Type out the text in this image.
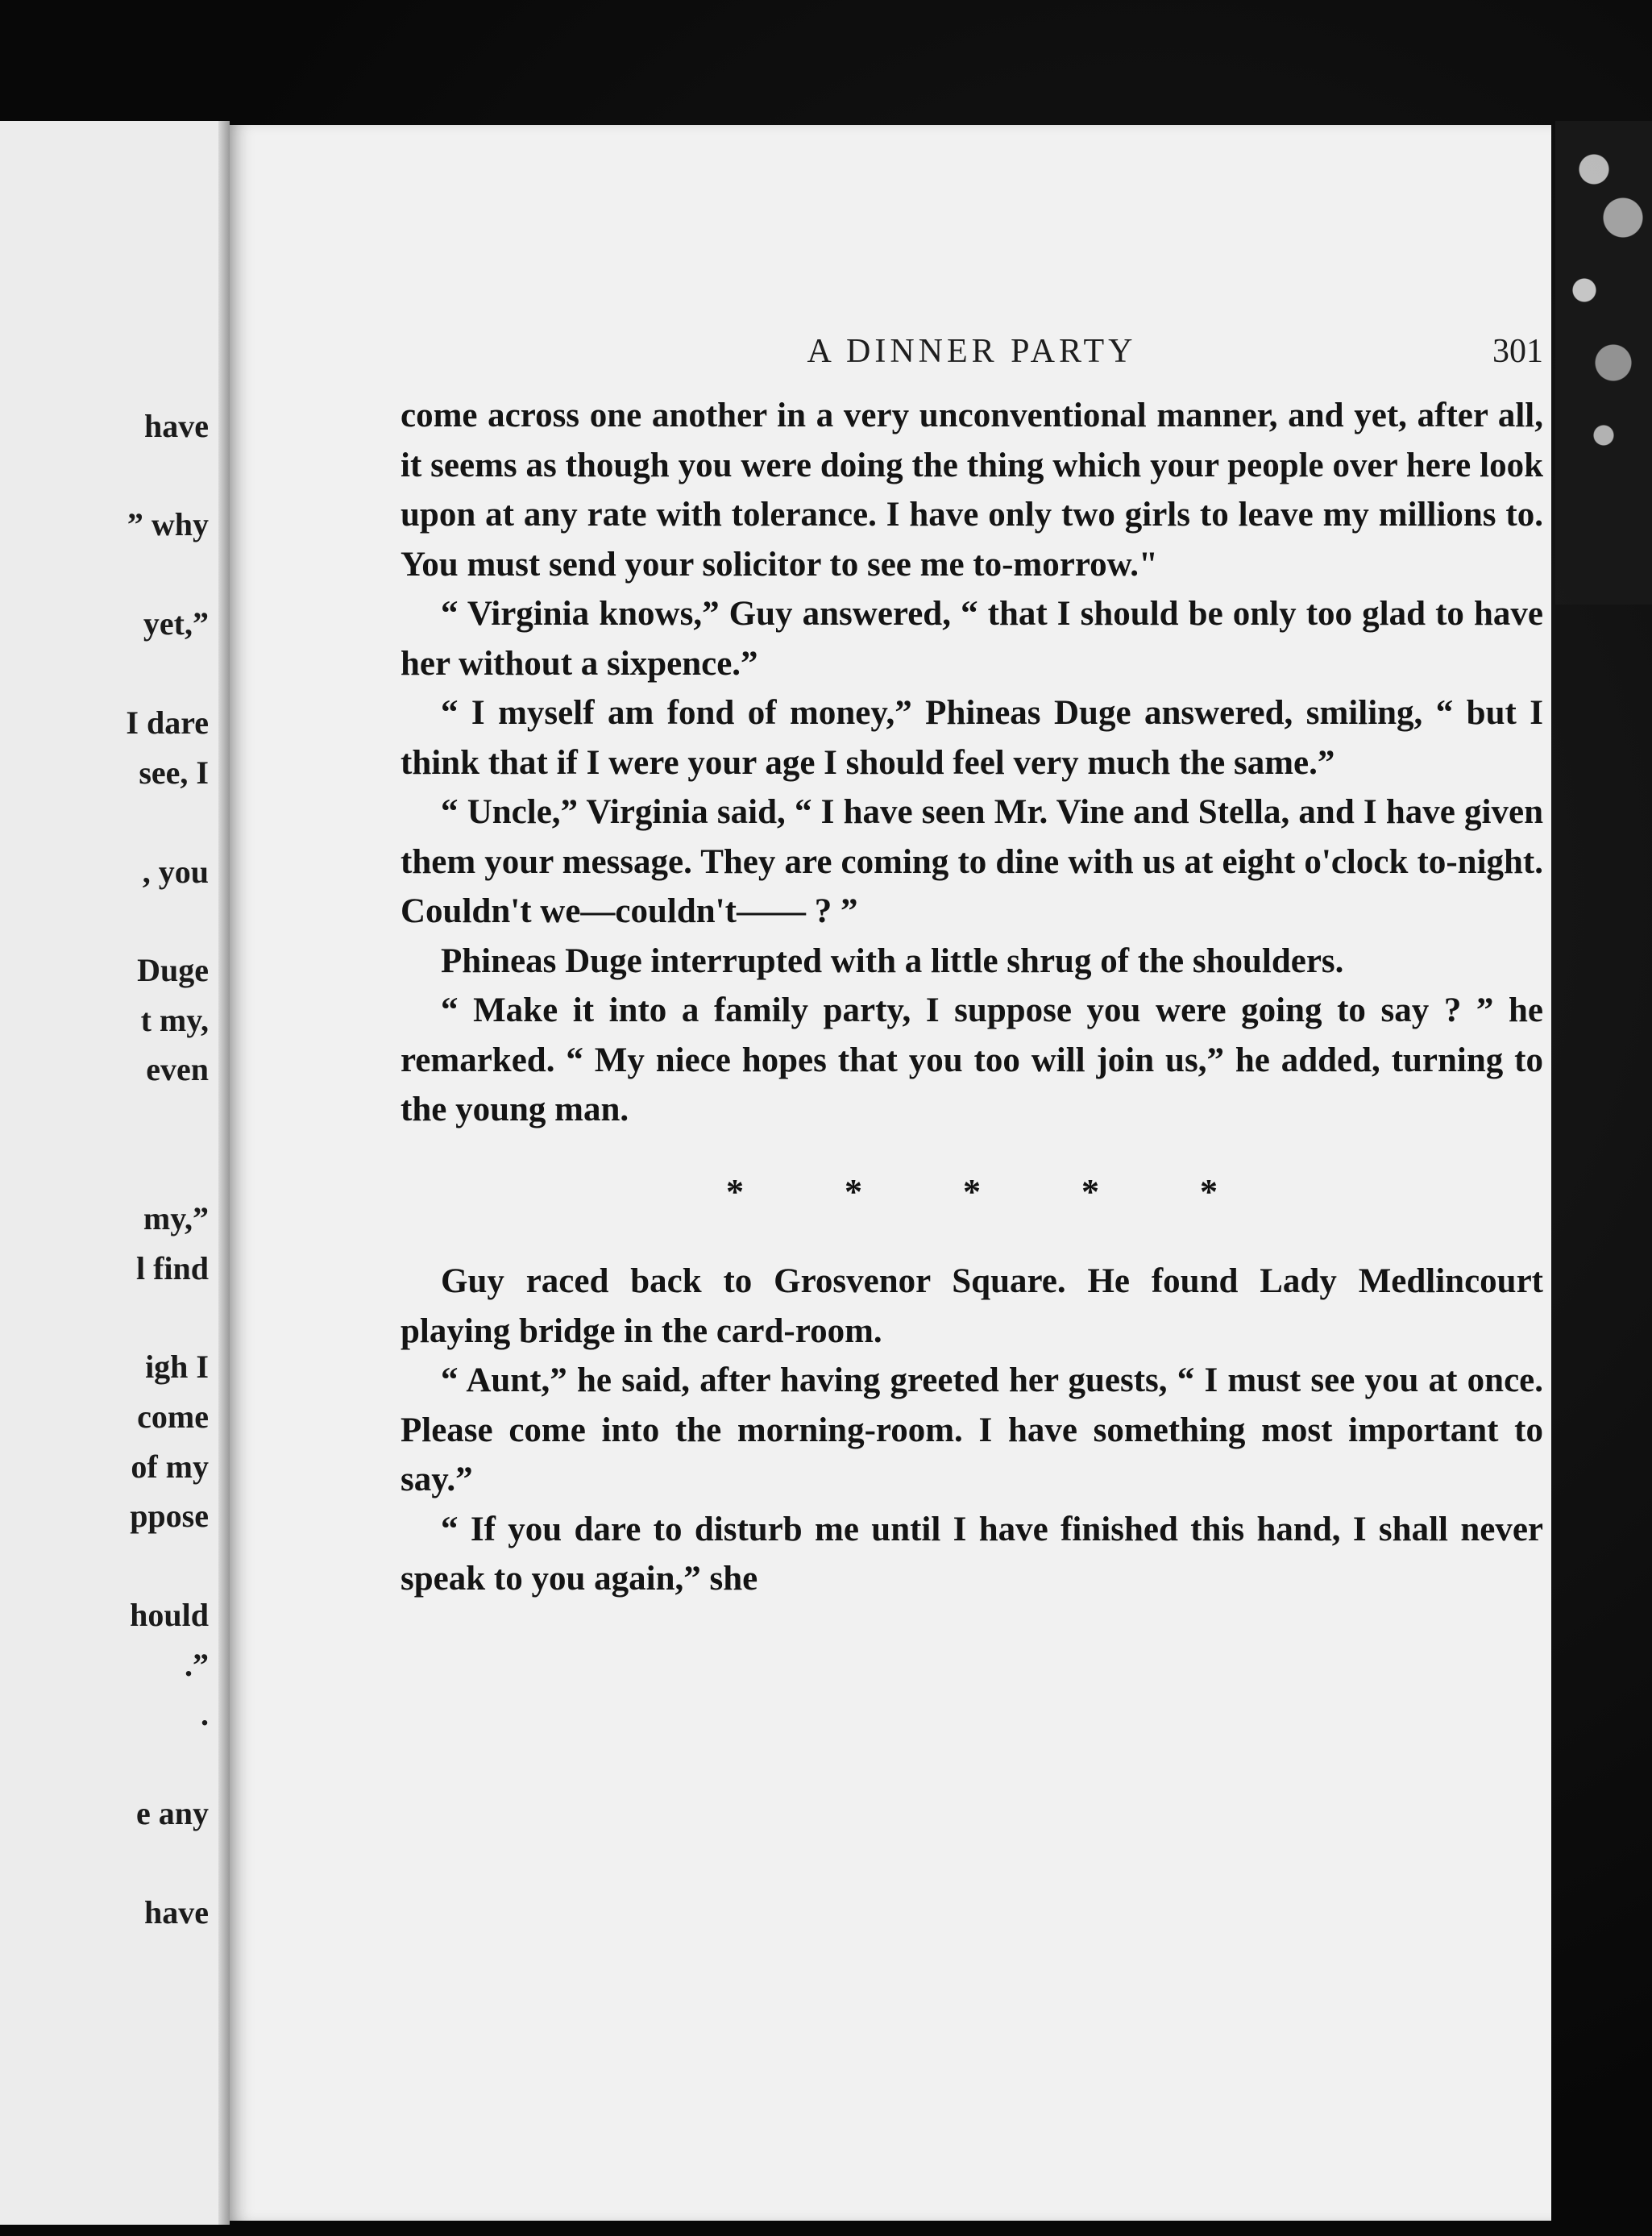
have
” why
yet,”
I dare
see, I
, you
Duge
t my,
even
my,”
l find
igh I
come
of my
ppose
hould
.”
.
e any
have
A DINNER PARTY	301

come across one another in a very unconventional manner, and yet, after all, it seems as though you were doing the thing which your people over here look upon at any rate with tolerance. I have only two girls to leave my millions to. You must send your solicitor to see me to-morrow."

“ Virginia knows,” Guy answered, “ that I should be only too glad to have her without a sixpence.”

“ I myself am fond of money,” Phineas Duge answered, smiling, “ but I think that if I were your age I should feel very much the same.”

“ Uncle,” Virginia said, “ I have seen Mr. Vine and Stella, and I have given them your message. They are coming to dine with us at eight o'clock to-night. Couldn't we—couldn't—— ? ”

Phineas Duge interrupted with a little shrug of the shoulders.

“ Make it into a family party, I suppose you were going to say ? ” he remarked. “ My niece hopes that you too will join us,” he added, turning to the young man.

*	*	*	*	*

Guy raced back to Grosvenor Square. He found Lady Medlincourt playing bridge in the card-room.

“ Aunt,” he said, after having greeted her guests, “ I must see you at once. Please come into the morning-room. I have something most important to say.”

“ If you dare to disturb me until I have finished this hand, I shall never speak to you again,” she
